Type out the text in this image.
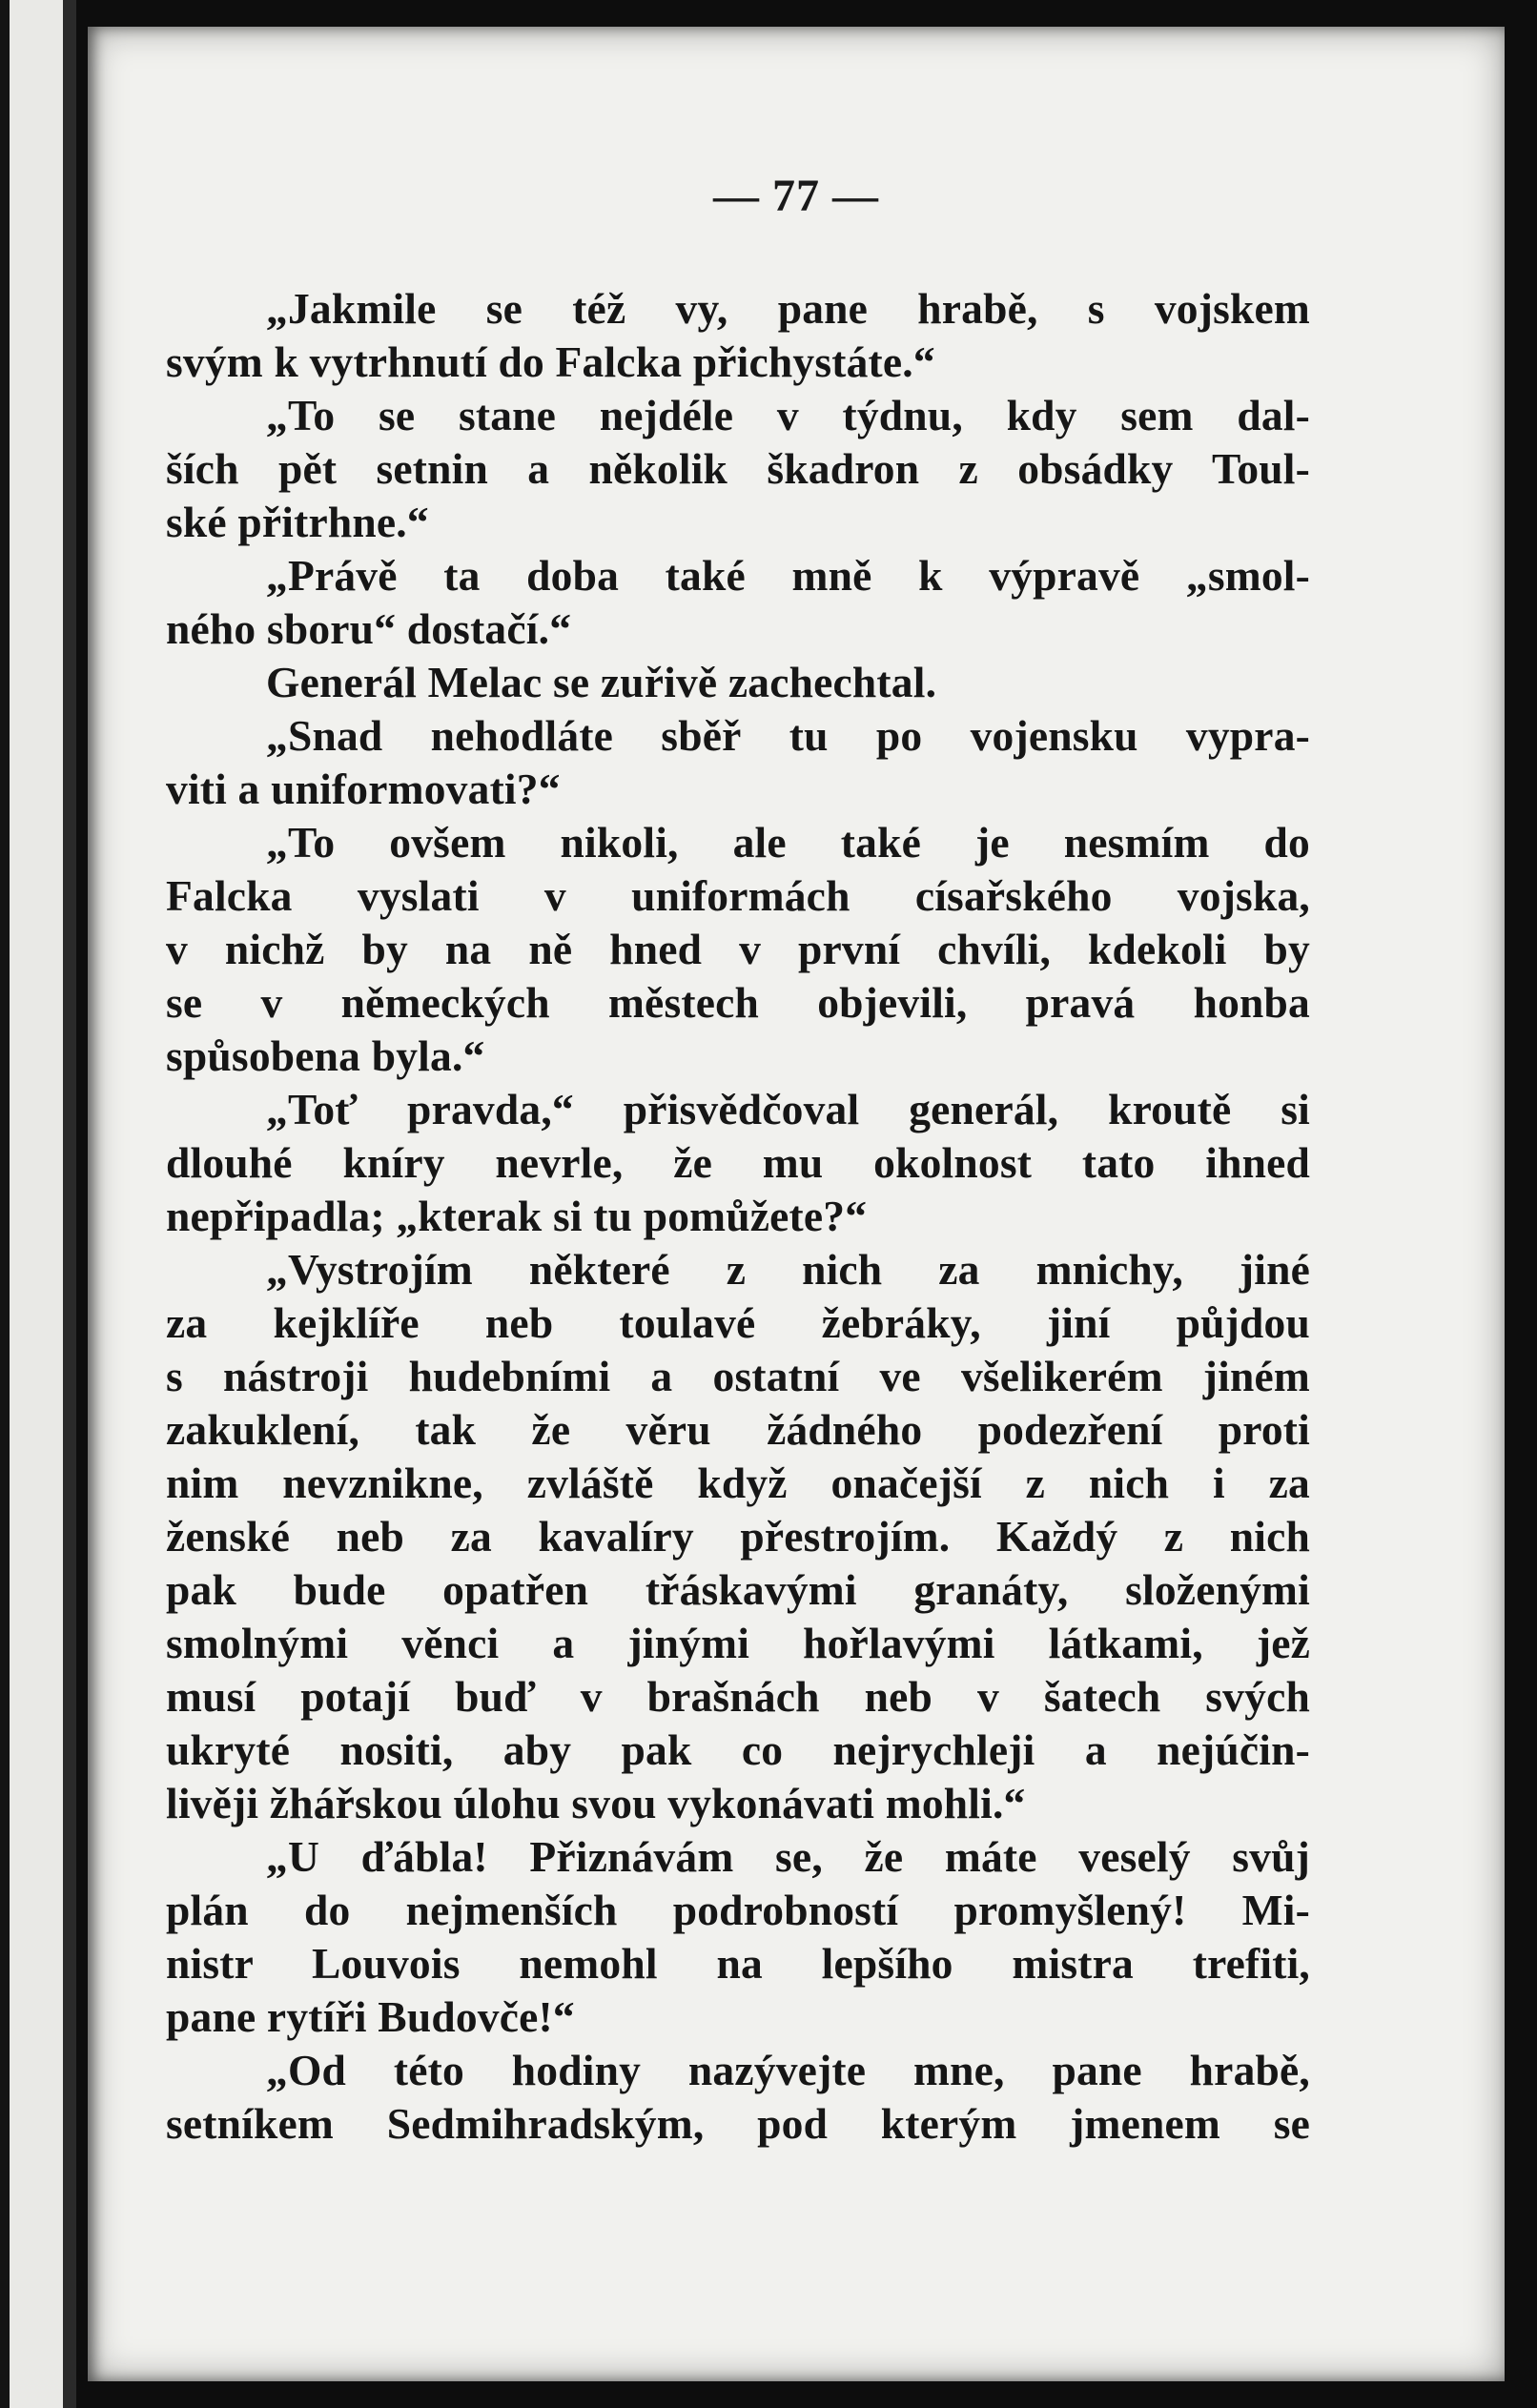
— 77 —
„Jakmile se též vy, pane hrabě, s vojskem
svým k vytrhnutí do Falcka přichystáte.“
„To se stane nejdéle v týdnu, kdy sem dal-
ších pět setnin a několik škadron z obsádky Toul-
ské přitrhne.“
„Právě ta doba také mně k výpravě „smol-
ného sboru“ dostačí.“
Generál Melac se zuřivě zachechtal.
„Snad nehodláte sběř tu po vojensku vypra-
viti a uniformovati?“
„To ovšem nikoli, ale také je nesmím do
Falcka vyslati v uniformách císařského vojska,
v nichž by na ně hned v první chvíli, kdekoli by
se v německých městech objevili, pravá honba
spůsobena byla.“
„Toť pravda,“ přisvědčoval generál, kroutě si
dlouhé kníry nevrle, že mu okolnost tato ihned
nepřipadla; „kterak si tu pomůžete?“
„Vystrojím některé z nich za mnichy, jiné
za kejklíře neb toulavé žebráky, jiní půjdou
s nástroji hudebními a ostatní ve všelikerém jiném
zakuklení, tak že věru žádného podezření proti
nim nevznikne, zvláště když onačejší z nich i za
ženské neb za kavalíry přestrojím. Každý z nich
pak bude opatřen třáskavými granáty, složenými
smolnými věnci a jinými hořlavými látkami, jež
musí potají buď v brašnách neb v šatech svých
ukryté nositi, aby pak co nejrychleji a nejúčin-
livěji žhářskou úlohu svou vykonávati mohli.“
„U ďábla! Přiznávám se, že máte veselý svůj
plán do nejmenších podrobností promyšlený! Mi-
nistr Louvois nemohl na lepšího mistra trefiti,
pane rytíři Budovče!“
„Od této hodiny nazývejte mne, pane hrabě,
setníkem Sedmihradským, pod kterým jmenem se
